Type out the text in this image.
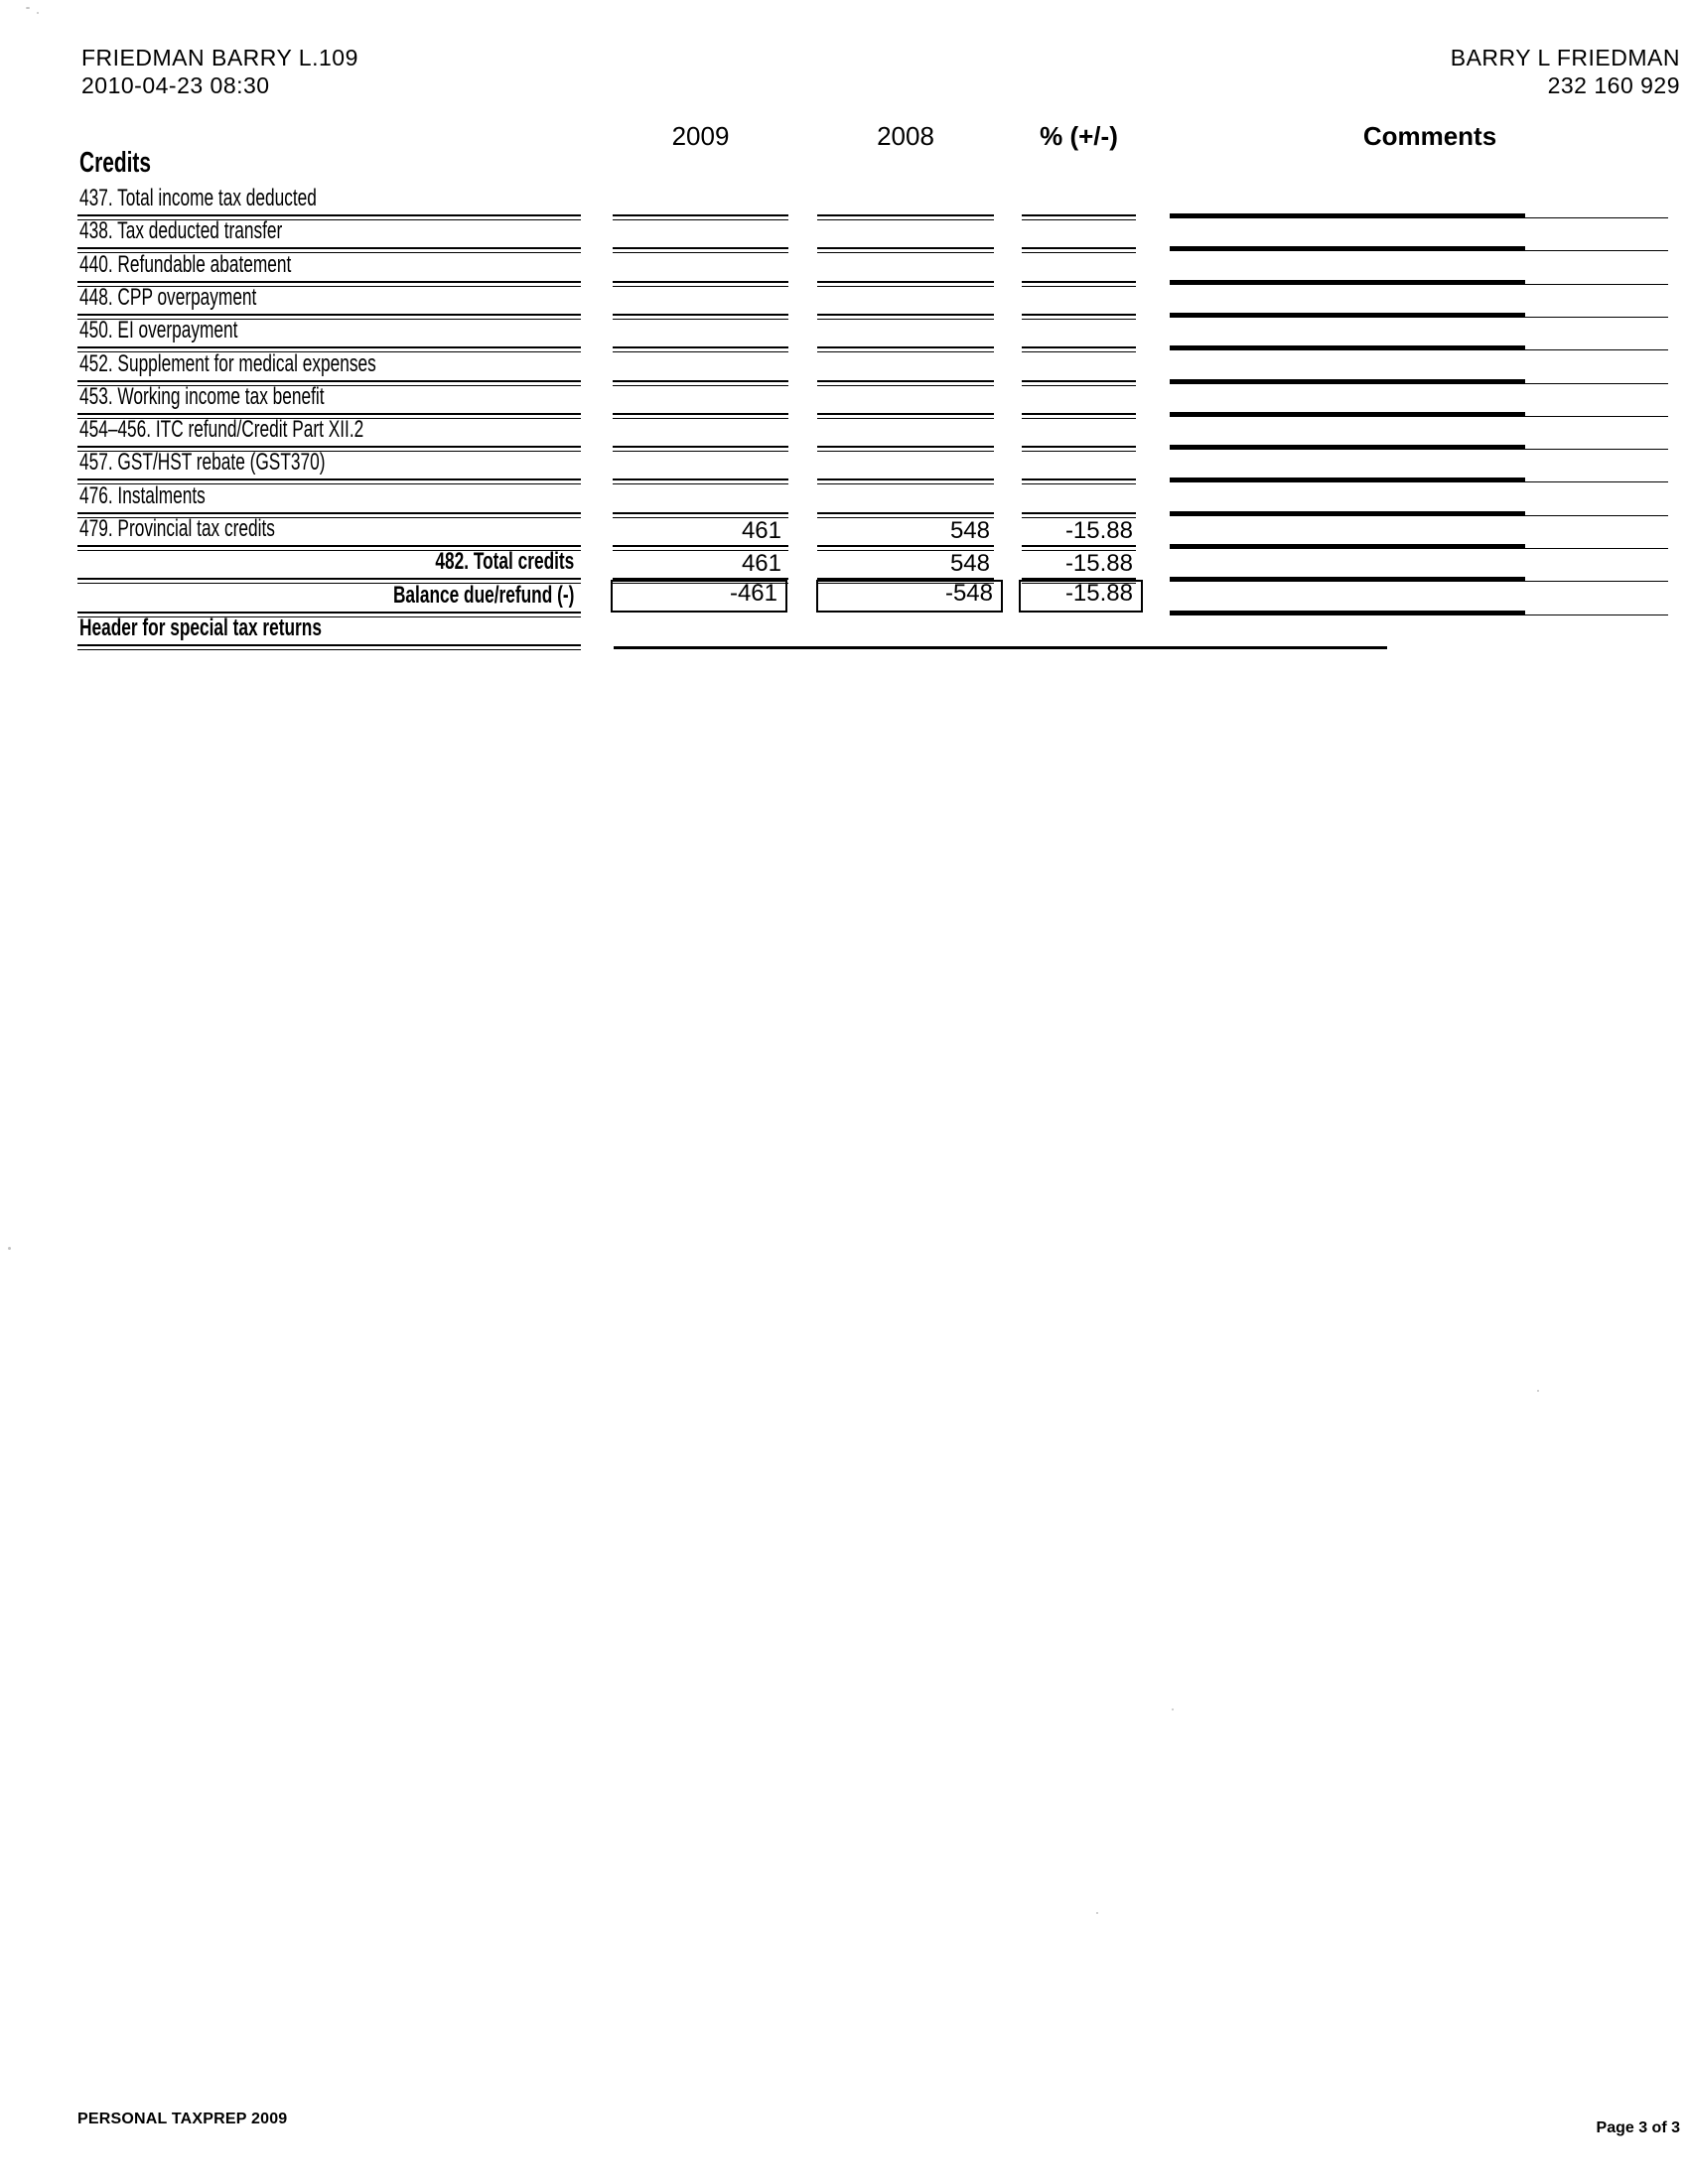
FRIEDMAN BARRY L.109
2010-04-23 08:30
BARRY L FRIEDMAN
232 160 929
2009	2008	% (+/-)	Comments
Credits
437. Total income tax deducted
438. Tax deducted transfer
440. Refundable abatement
448. CPP overpayment
450. EI overpayment
452. Supplement for medical expenses
453. Working income tax benefit
454–456. ITC refund/Credit Part XII.2
457. GST/HST rebate (GST370)
476. Instalments
479. Provincial tax credits	461	548	-15.88
482. Total credits	461	548	-15.88
Balance due/refund (-)	-461	-548	-15.88
Header for special tax returns
PERSONAL TAXPREP 2009
Page 3 of 3
